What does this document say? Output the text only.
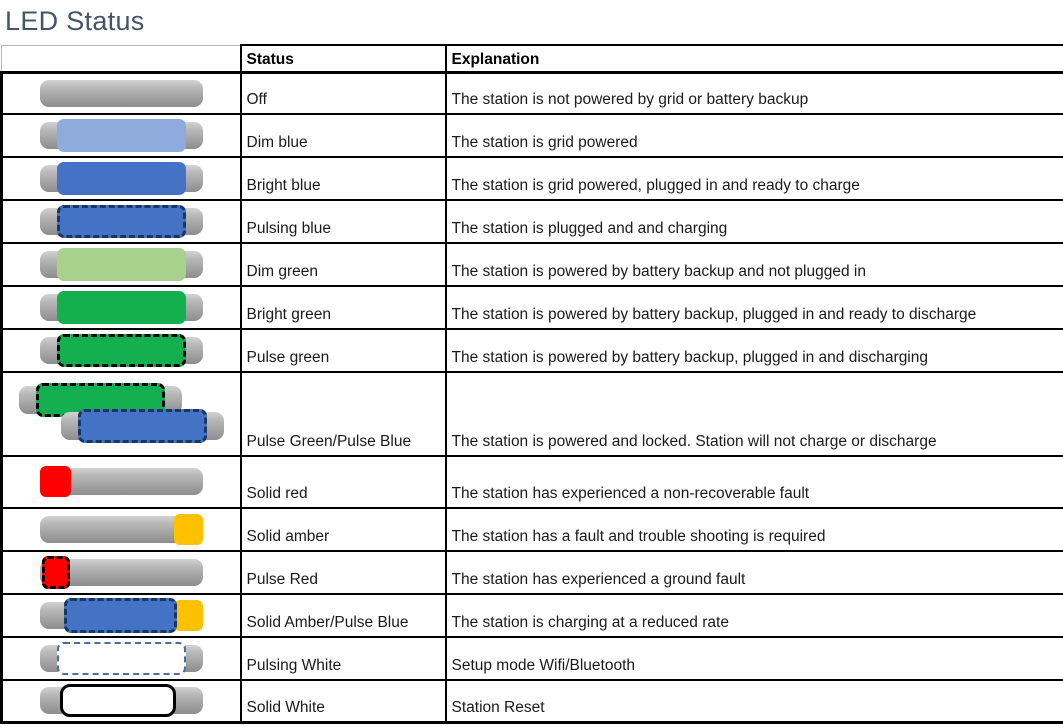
LED Status
	Status	Explanation

	Off	The station is not powered by grid or battery backup

	Dim blue	The station is grid powered

	Bright blue	The station is grid powered, plugged in and ready to charge

	Pulsing blue	The station is plugged and and charging

	Dim green	The station is powered by battery backup and not plugged in

	Bright green	The station is powered by battery backup, plugged in and ready to discharge

	Pulse green	The station is powered by battery backup, plugged in and discharging

	Pulse Green/Pulse Blue	The station is powered and locked. Station will not charge or discharge

	Solid red	The station has experienced a non-recoverable fault

	Solid amber	The station has a fault and trouble shooting is required

	Pulse Red	The station has experienced a ground fault

	Solid Amber/Pulse Blue	The station is charging at a reduced rate

	Pulsing White	Setup mode Wifi/Bluetooth

	Solid White	Station Reset
